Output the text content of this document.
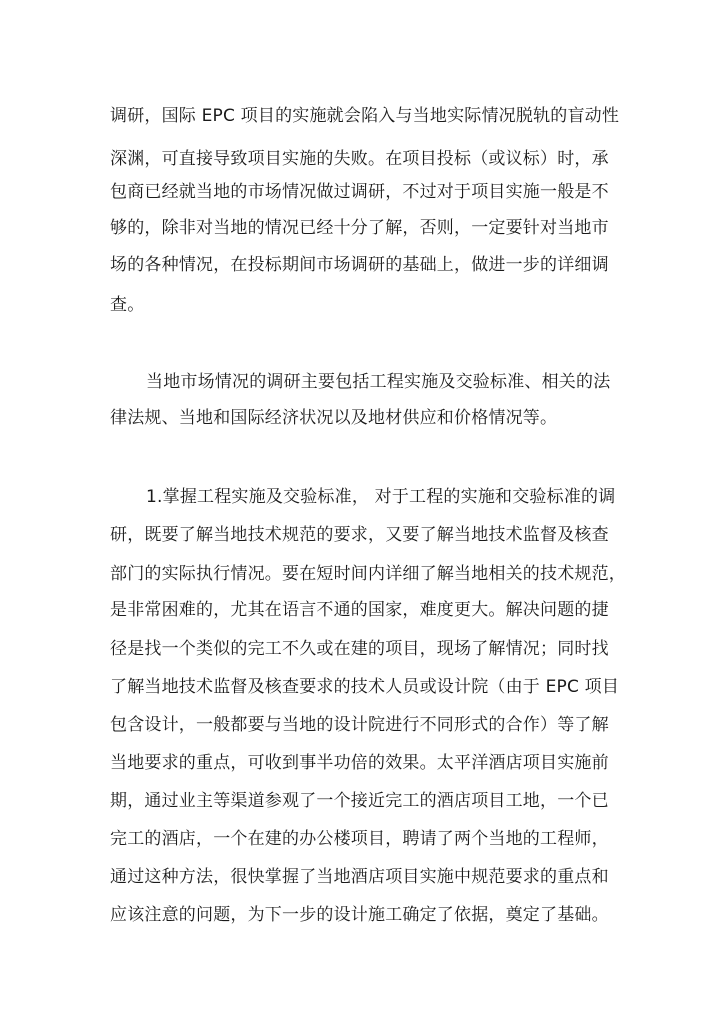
调研，国际 EPC 项目的实施就会陷入与当地实际情况脱轨的盲动性
深渊，可直接导致项目实施的失败。在项目投标（或议标）时，承
包商已经就当地的市场情况做过调研，不过对于项目实施一般是不
够的，除非对当地的情况已经十分了解，否则，一定要针对当地市
场的各种情况，在投标期间市场调研的基础上，做进一步的详细调
查。
当地市场情况的调研主要包括工程实施及交验标准、相关的法
律法规、当地和国际经济状况以及地材供应和价格情况等。
1.掌握工程实施及交验标准， 对于工程的实施和交验标准的调
研，既要了解当地技术规范的要求，又要了解当地技术监督及核查
部门的实际执行情况。要在短时间内详细了解当地相关的技术规范，
是非常困难的，尤其在语言不通的国家，难度更大。解决问题的捷
径是找一个类似的完工不久或在建的项目，现场了解情况；同时找
了解当地技术监督及核查要求的技术人员或设计院（由于 EPC 项目
包含设计，一般都要与当地的设计院进行不同形式的合作）等了解
当地要求的重点，可收到事半功倍的效果。太平洋酒店项目实施前
期，通过业主等渠道参观了一个接近完工的酒店项目工地，一个已
完工的酒店，一个在建的办公楼项目，聘请了两个当地的工程师，
通过这种方法，很快掌握了当地酒店项目实施中规范要求的重点和
应该注意的问题，为下一步的设计施工确定了依据，奠定了基础。
